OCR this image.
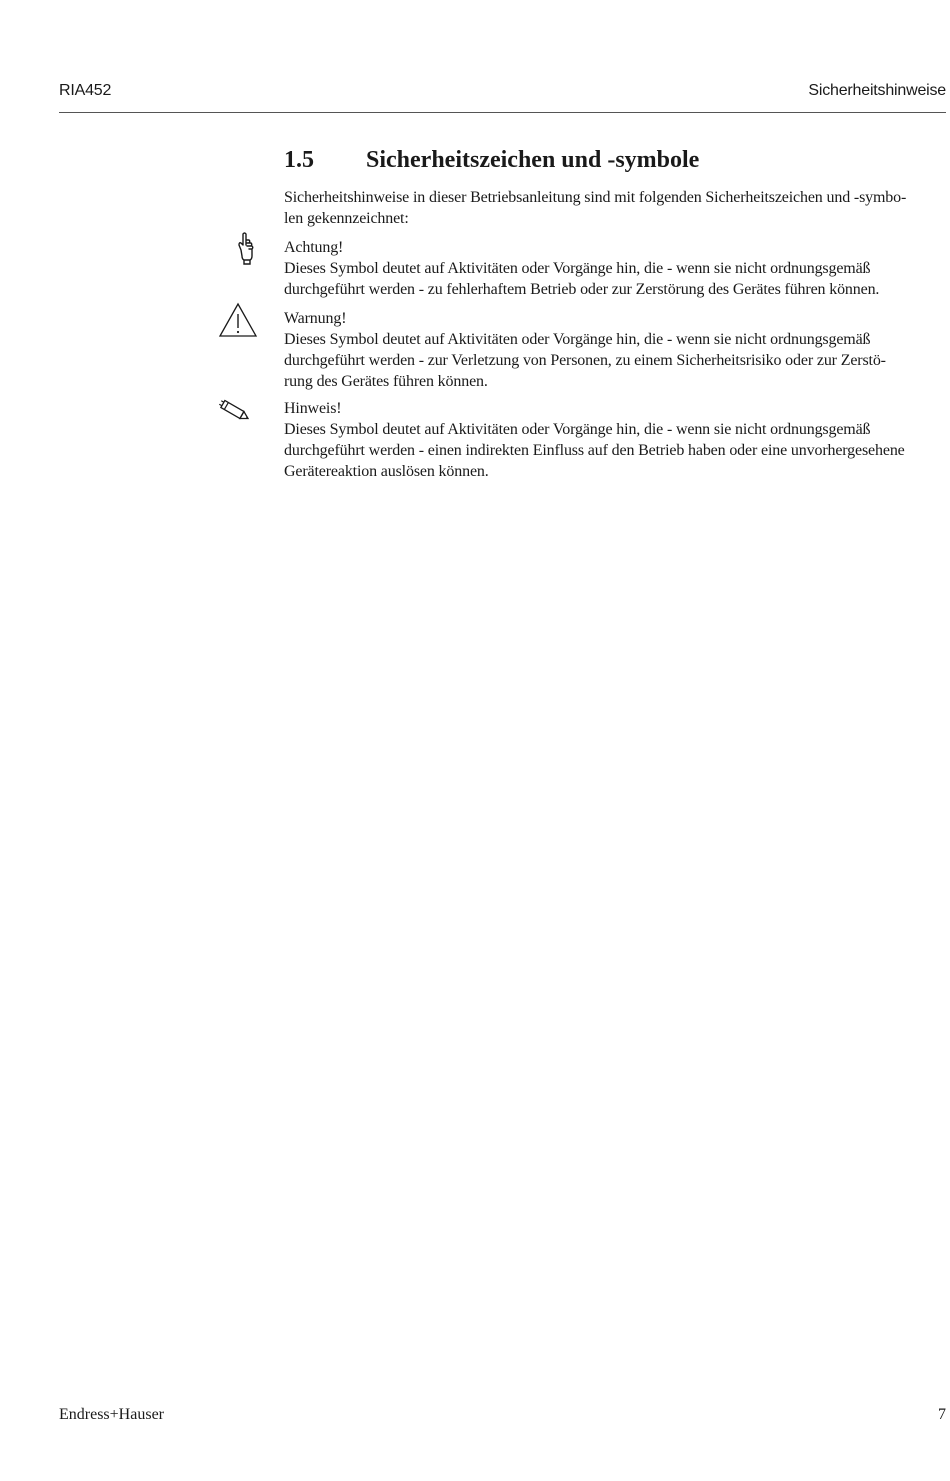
RIA452	Sicherheitshinweise
1.5 Sicherheitszeichen und -symbole
Sicherheitshinweise in dieser Betriebsanleitung sind mit folgenden Sicherheitszeichen und -symbo-
len gekennzeichnet:
Achtung!
Dieses Symbol deutet auf Aktivitäten oder Vorgänge hin, die - wenn sie nicht ordnungsgemäß
durchgeführt werden - zu fehlerhaftem Betrieb oder zur Zerstörung des Gerätes führen können.
Warnung!
Dieses Symbol deutet auf Aktivitäten oder Vorgänge hin, die - wenn sie nicht ordnungsgemäß
durchgeführt werden - zur Verletzung von Personen, zu einem Sicherheitsrisiko oder zur Zerstö-
rung des Gerätes führen können.
Hinweis!
Dieses Symbol deutet auf Aktivitäten oder Vorgänge hin, die - wenn sie nicht ordnungsgemäß
durchgeführt werden - einen indirekten Einfluss auf den Betrieb haben oder eine unvorhergesehene
Gerätereaktion auslösen können.
Endress+Hauser	7
